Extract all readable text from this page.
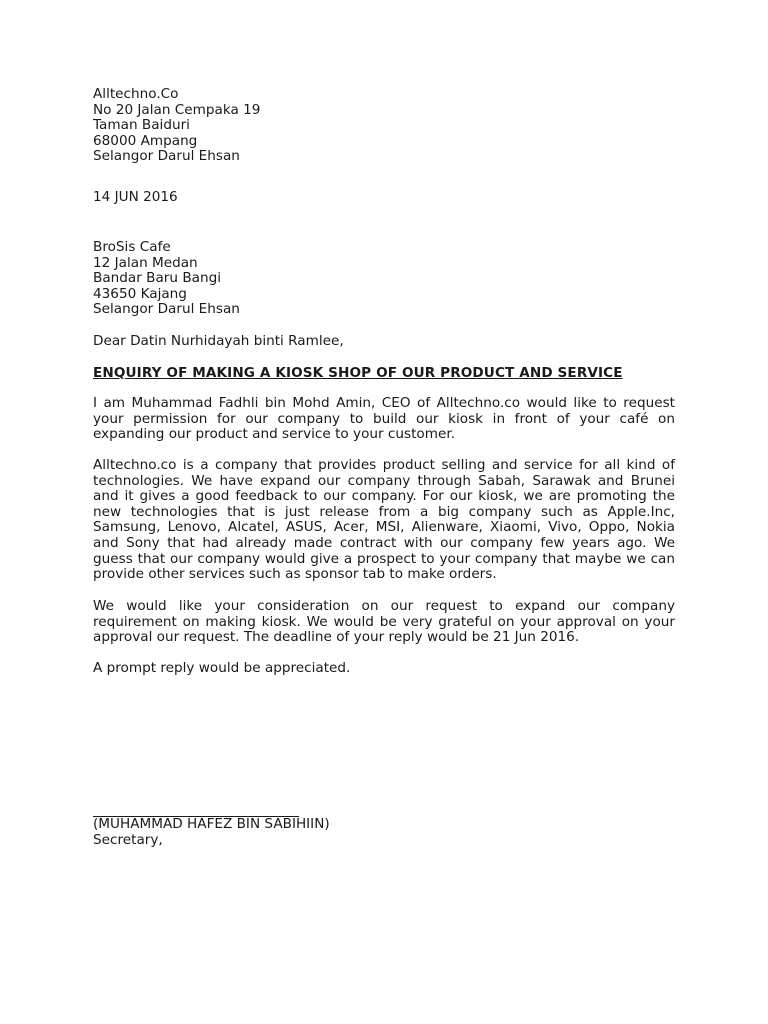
Alltechno.Co
No 20 Jalan Cempaka 19
Taman Baiduri
68000 Ampang
Selangor Darul Ehsan
14 JUN 2016
BroSis Cafe
12 Jalan Medan
Bandar Baru Bangi
43650 Kajang
Selangor Darul Ehsan
Dear Datin Nurhidayah binti Ramlee,
ENQUIRY OF MAKING A KIOSK SHOP OF OUR PRODUCT AND SERVICE
I am Muhammad Fadhli bin Mohd Amin, CEO of Alltechno.co would like to request your permission for our company to build our kiosk in front of your café on expanding our product and service to your customer.
Alltechno.co is a company that provides product selling and service for all kind of technologies. We have expand our company through Sabah, Sarawak and Brunei and it gives a good feedback to our company. For our kiosk, we are promoting the new technologies that is just release from a big company such as Apple.Inc, Samsung, Lenovo, Alcatel, ASUS, Acer, MSI, Alienware, Xiaomi, Vivo, Oppo, Nokia and Sony that had already made contract with our company few years ago. We guess that our company would give a prospect to your company that maybe we can provide other services such as sponsor tab to make orders.
We would like your consideration on our request to expand our company requirement on making kiosk. We would be very grateful on your approval on your approval our request. The deadline of your reply would be 21 Jun 2016.
A prompt reply would be appreciated.
(MUHAMMAD HAFEZ BIN SABIHIIN)
Secretary,
